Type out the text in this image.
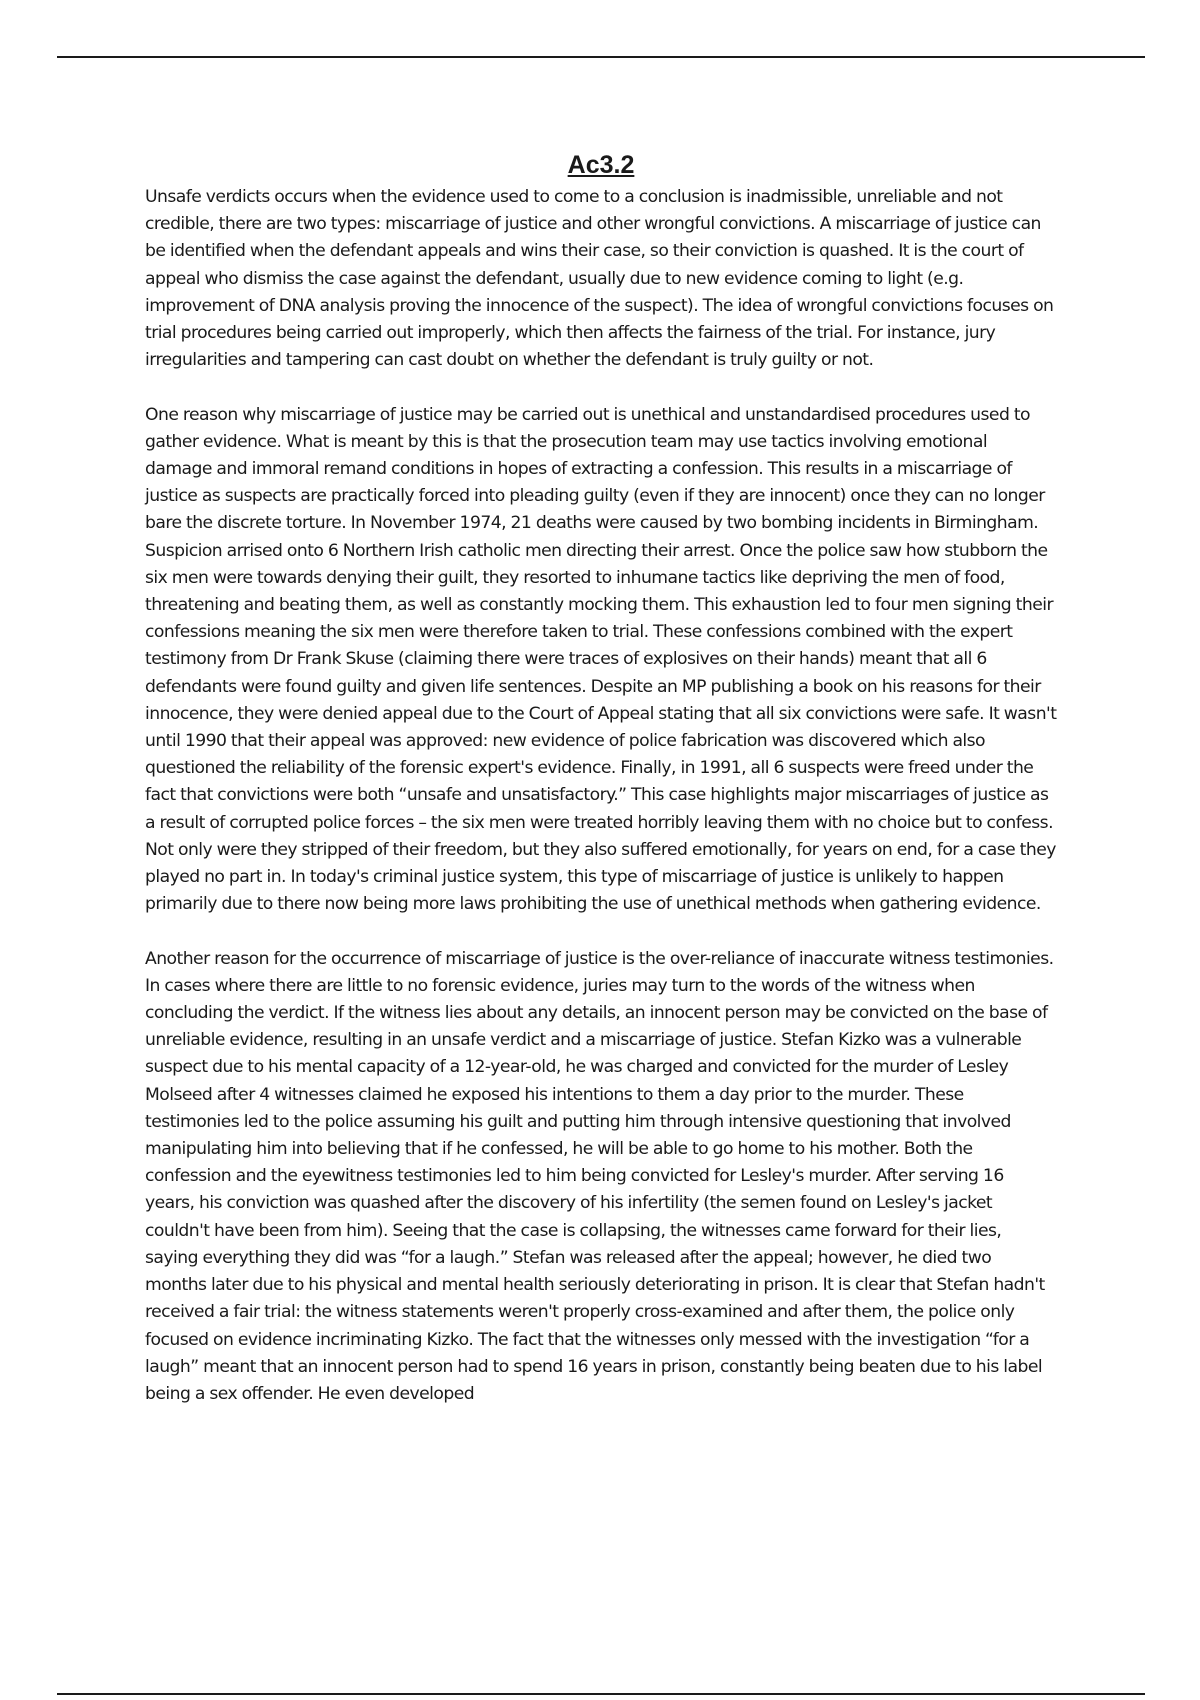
Ac3.2

Unsafe verdicts occurs when the evidence used to come to a conclusion is inadmissible, unreliable and not credible, there are two types: miscarriage of justice and other wrongful convictions. A miscarriage of justice can be identified when the defendant appeals and wins their case, so their conviction is quashed. It is the court of appeal who dismiss the case against the defendant, usually due to new evidence coming to light (e.g. improvement of DNA analysis proving the innocence of the suspect). The idea of wrongful convictions focuses on trial procedures being carried out improperly, which then affects the fairness of the trial. For instance, jury irregularities and tampering can cast doubt on whether the defendant is truly guilty or not.

One reason why miscarriage of justice may be carried out is unethical and unstandardised procedures used to gather evidence. What is meant by this is that the prosecution team may use tactics involving emotional damage and immoral remand conditions in hopes of extracting a confession. This results in a miscarriage of justice as suspects are practically forced into pleading guilty (even if they are innocent) once they can no longer bare the discrete torture. In November 1974, 21 deaths were caused by two bombing incidents in Birmingham. Suspicion arrised onto 6 Northern Irish catholic men directing their arrest. Once the police saw how stubborn the six men were towards denying their guilt, they resorted to inhumane tactics like depriving the men of food, threatening and beating them, as well as constantly mocking them. This exhaustion led to four men signing their confessions meaning the six men were therefore taken to trial. These confessions combined with the expert testimony from Dr Frank Skuse (claiming there were traces of explosives on their hands) meant that all 6 defendants were found guilty and given life sentences. Despite an MP publishing a book on his reasons for their innocence, they were denied appeal due to the Court of Appeal stating that all six convictions were safe. It wasn't until 1990 that their appeal was approved: new evidence of police fabrication was discovered which also questioned the reliability of the forensic expert's evidence. Finally, in 1991, all 6 suspects were freed under the fact that convictions were both “unsafe and unsatisfactory.” This case highlights major miscarriages of justice as a result of corrupted police forces – the six men were treated horribly leaving them with no choice but to confess. Not only were they stripped of their freedom, but they also suffered emotionally, for years on end, for a case they played no part in. In today's criminal justice system, this type of miscarriage of justice is unlikely to happen primarily due to there now being more laws prohibiting the use of unethical methods when gathering evidence.

Another reason for the occurrence of miscarriage of justice is the over-reliance of inaccurate witness testimonies. In cases where there are little to no forensic evidence, juries may turn to the words of the witness when concluding the verdict. If the witness lies about any details, an innocent person may be convicted on the base of unreliable evidence, resulting in an unsafe verdict and a miscarriage of justice. Stefan Kizko was a vulnerable suspect due to his mental capacity of a 12-year-old, he was charged and convicted for the murder of Lesley Molseed after 4 witnesses claimed he exposed his intentions to them a day prior to the murder. These testimonies led to the police assuming his guilt and putting him through intensive questioning that involved manipulating him into believing that if he confessed, he will be able to go home to his mother. Both the confession and the eyewitness testimonies led to him being convicted for Lesley's murder. After serving 16 years, his conviction was quashed after the discovery of his infertility (the semen found on Lesley's jacket couldn't have been from him). Seeing that the case is collapsing, the witnesses came forward for their lies, saying everything they did was “for a laugh.” Stefan was released after the appeal; however, he died two months later due to his physical and mental health seriously deteriorating in prison. It is clear that Stefan hadn't received a fair trial: the witness statements weren't properly cross-examined and after them, the police only focused on evidence incriminating Kizko. The fact that the witnesses only messed with the investigation “for a laugh” meant that an innocent person had to spend 16 years in prison, constantly being beaten due to his label being a sex offender. He even developed
